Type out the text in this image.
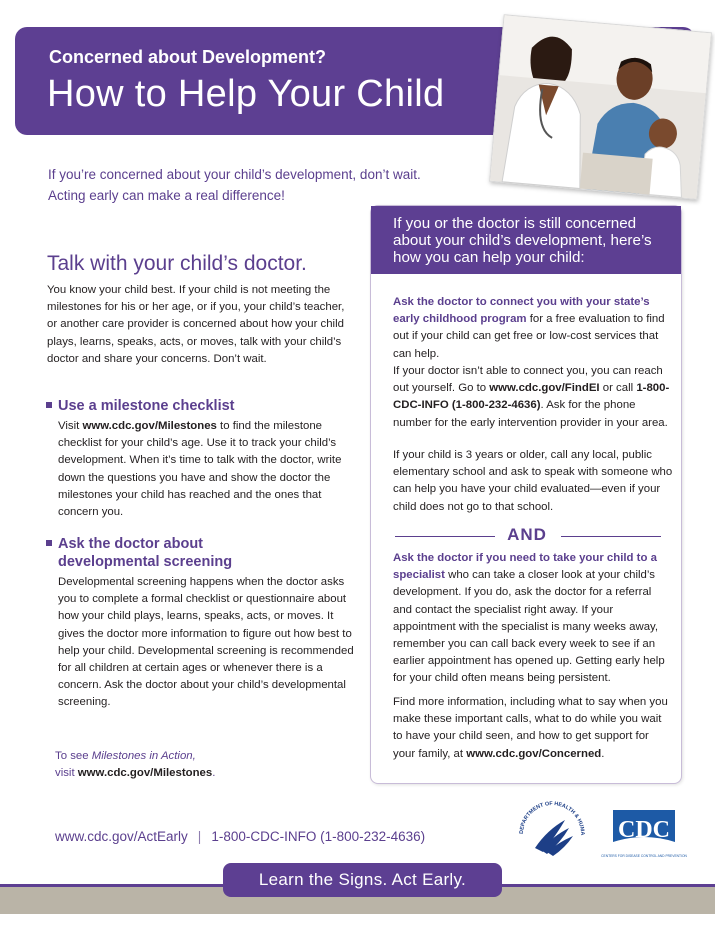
Concerned about Development?
How to Help Your Child
If you’re concerned about your child’s development, don’t wait.
Acting early can make a real difference!
Talk with your child’s doctor.
You know your child best. If your child is not meeting the milestones for his or her age, or if you, your child’s teacher, or another care provider is concerned about how your child plays, learns, speaks, acts, or moves, talk with your child’s doctor and share your concerns. Don’t wait.
Use a milestone checklist
Visit www.cdc.gov/Milestones to find the milestone checklist for your child’s age. Use it to track your child’s development. When it’s time to talk with the doctor, write down the questions you have and show the doctor the milestones your child has reached and the ones that concern you.
Ask the doctor about
developmental screening
Developmental screening happens when the doctor asks you to complete a formal checklist or questionnaire about how your child plays, learns, speaks, acts, or moves. It gives the doctor more information to figure out how best to help your child. Developmental screening is recommended for all children at certain ages or whenever there is a concern. Ask the doctor about your child’s developmental screening.
To see Milestones in Action,
visit www.cdc.gov/Milestones.
If you or the doctor is still concerned about your child’s development, here’s how you can help your child:
Ask the doctor to connect you with your state’s early childhood program for a free evaluation to find out if your child can get free or low-cost services that can help.
If your doctor isn’t able to connect you, you can reach out yourself. Go to www.cdc.gov/FindEI or call 1-800-CDC-INFO (1-800-232-4636). Ask for the phone number for the early intervention provider in your area.
If your child is 3 years or older, call any local, public elementary school and ask to speak with someone who can help you have your child evaluated—even if your child does not go to that school.
AND
Ask the doctor if you need to take your child to a specialist who can take a closer look at your child’s development. If you do, ask the doctor for a referral and contact the specialist right away. If your appointment with the specialist is many weeks away, remember you can call back every week to see if an earlier appointment has opened up. Getting early help for your child often means being persistent.
Find more information, including what to say when you make these important calls, what to do while you wait to have your child seen, and how to get support for your family, at www.cdc.gov/Concerned.
DEPARTMENT OF HEALTH & HUMA CDC
CENTERS FOR DISEASE CONTROL AND PREVENTION
www.cdc.gov/ActEarly | 1-800-CDC-INFO (1-800-232-4636)
Learn the Signs. Act Early.
